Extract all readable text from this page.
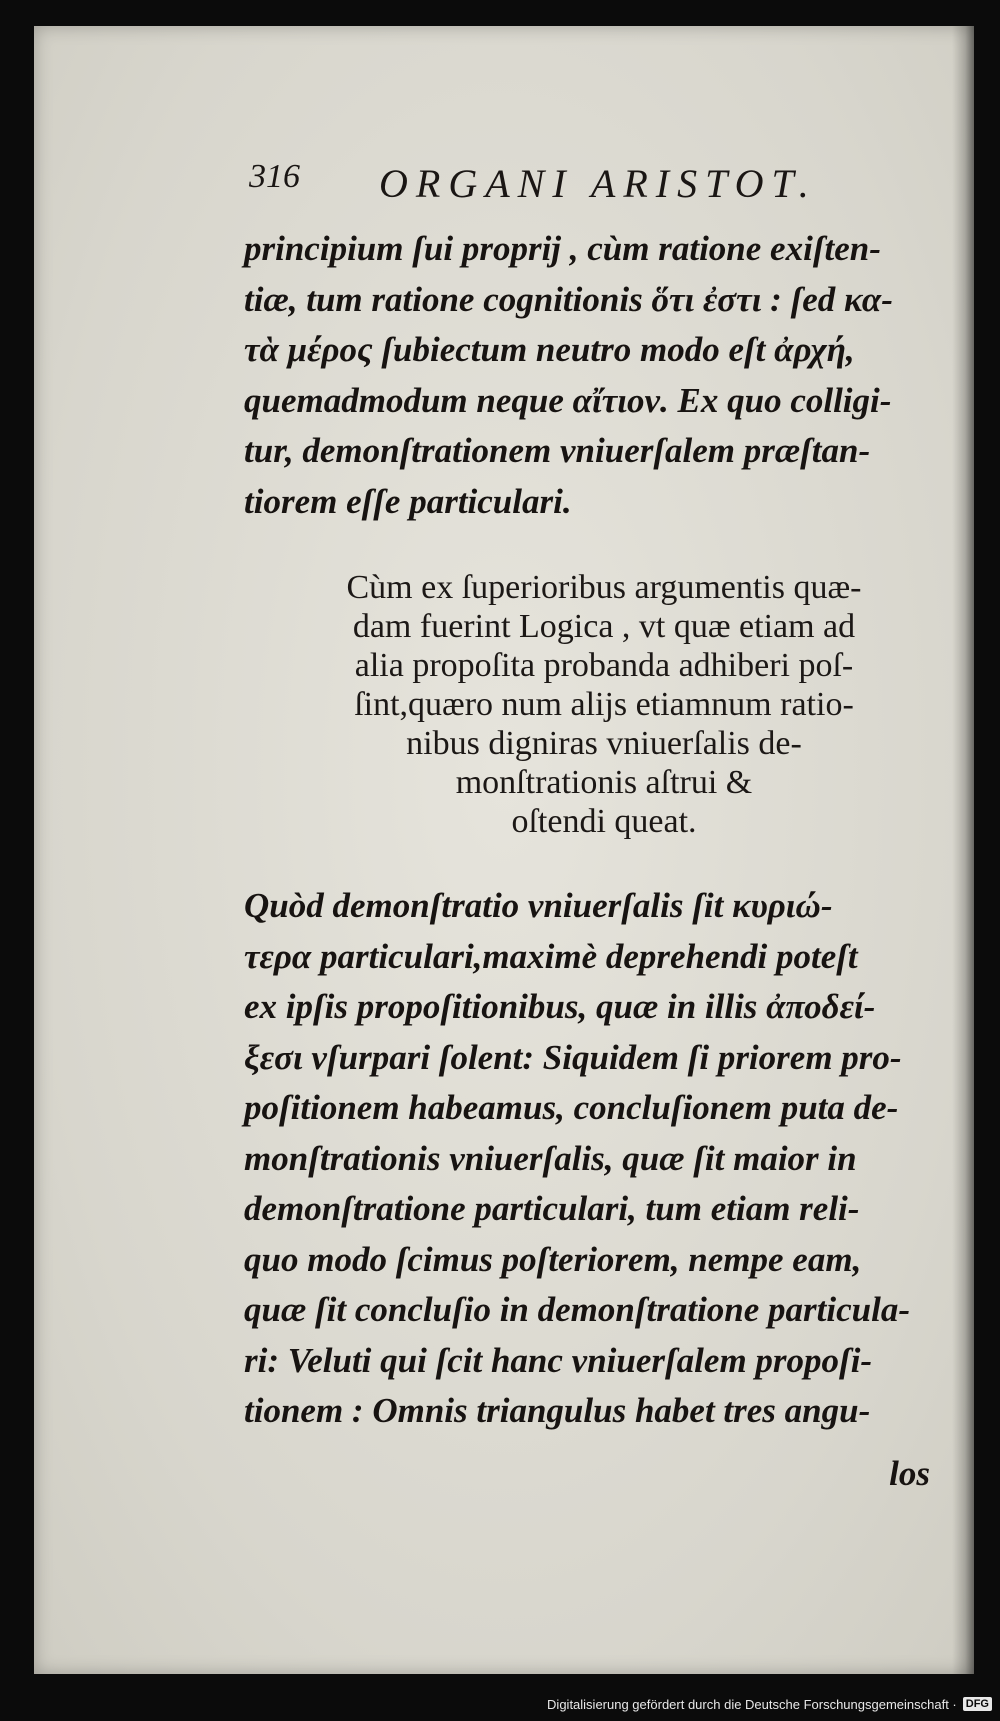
316 ORGANI ARISTOT.
principium ſui proprij , cùm ratione exiſten-
tiæ, tum ratione cognitionis ὅτι ἐστι : ſed κα-
τὰ μέρος ſubiectum neutro modo eſt ἀρχή,
quemadmodum neque αἴτιον. Ex quo colligi-
tur, demonſtrationem vniuerſalem præſtan-
tiorem eſſe particulari.
Cùm ex ſuperioribus argumentis quæ-
dam fuerint Logica , vt quæ etiam ad
alia propoſita probanda adhiberi poſ-
ſint,quæro num alijs etiamnum ratio-
nibus digniras vniuerſalis de-
monſtrationis aſtrui &
oſtendi queat.
Quòd demonſtratio vniuerſalis ſit κυριώ-
τερα particulari,maximè deprehendi poteſt
ex ipſis propoſitionibus, quæ in illis ἀποδεί-
ξεσι vſurpari ſolent: Siquidem ſi priorem pro-
poſitionem habeamus, concluſionem puta de-
monſtrationis vniuerſalis, quæ ſit maior in
demonſtratione particulari, tum etiam reli-
quo modo ſcimus poſteriorem, nempe eam,
quæ ſit concluſio in demonſtratione particula-
ri: Veluti qui ſcit hanc vniuerſalem propoſi-
tionem : Omnis triangulus habet tres angu-
los
Digitalisierung gefördert durch die Deutsche Forschungsgemeinschaft · DFG
